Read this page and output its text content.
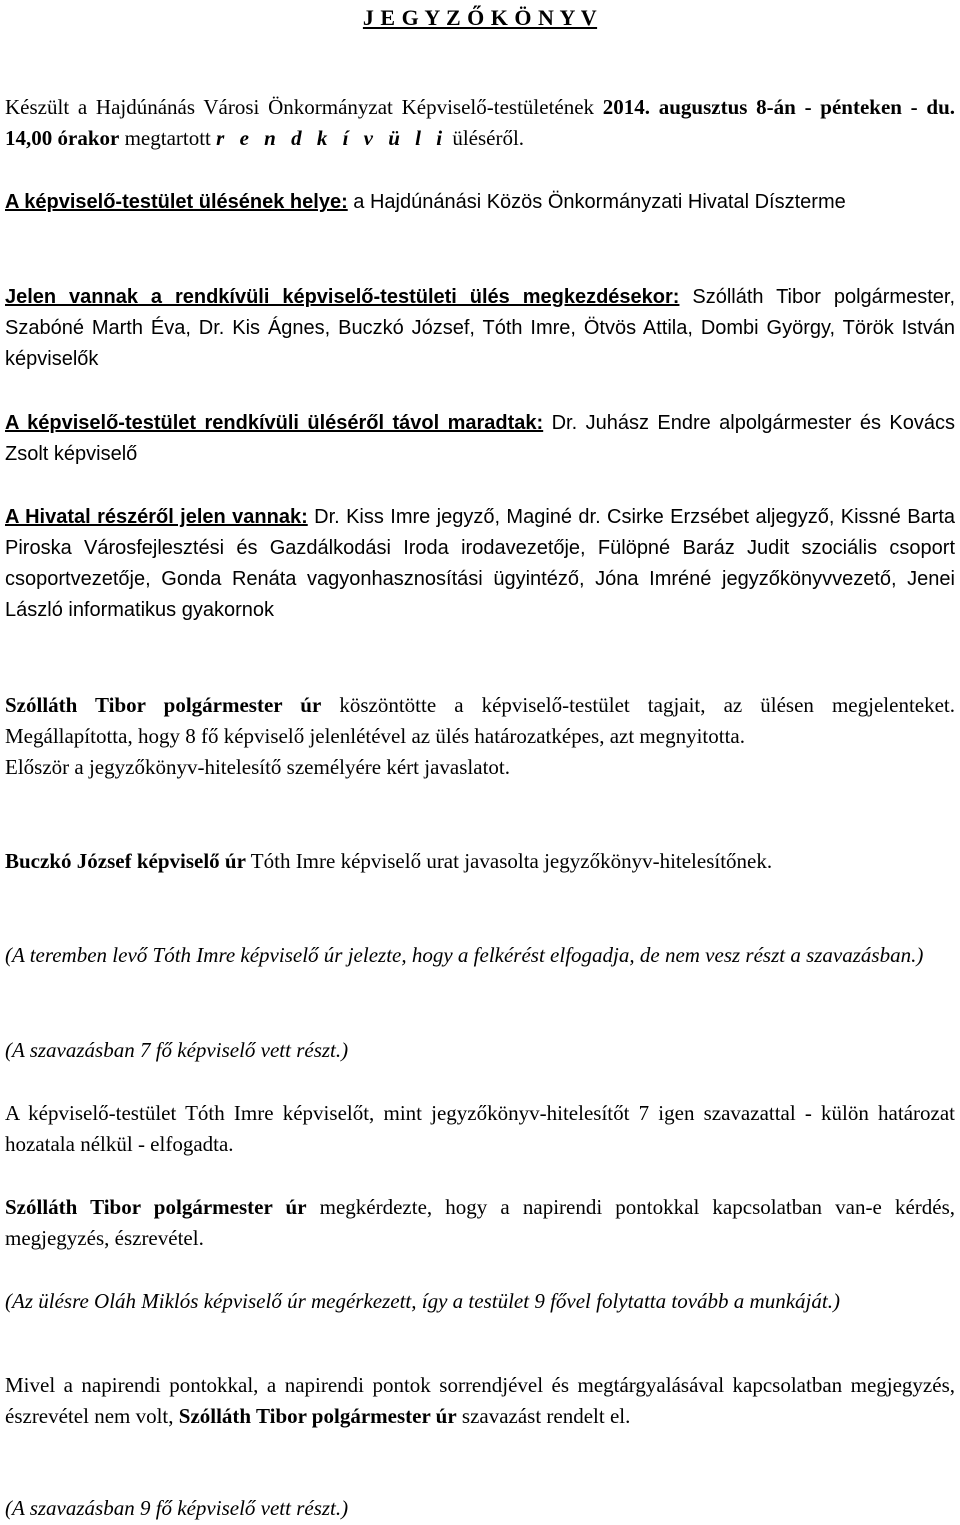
J E G Y Z Ő K Ö N Y V

Készült a Hajdúnánás Városi Önkormányzat Képviselő-testületének 2014. augusztus 8-án - pénteken - du. 14,00 órakor megtartott r e n d k í v ü l i üléséről.

A képviselő-testület ülésének helye: a Hajdúnánási Közös Önkormányzati Hivatal Díszterme

Jelen vannak a rendkívüli képviselő-testületi ülés megkezdésekor: Szólláth Tibor polgármester, Szabóné Marth Éva, Dr. Kis Ágnes, Buczkó József, Tóth Imre, Ötvös Attila, Dombi György, Török István képviselők

A képviselő-testület rendkívüli üléséről távol maradtak: Dr. Juhász Endre alpolgármester és Kovács Zsolt képviselő

A Hivatal részéről jelen vannak: Dr. Kiss Imre jegyző, Maginé dr. Csirke Erzsébet aljegyző, Kissné Barta Piroska Városfejlesztési és Gazdálkodási Iroda irodavezetője, Fülöpné Baráz Judit szociális csoport csoportvezetője, Gonda Renáta vagyonhasznosítási ügyintéző, Jóna Imréné jegyzőkönyvvezető, Jenei László informatikus gyakornok

Szólláth Tibor polgármester úr köszöntötte a képviselő-testület tagjait, az ülésen megjelenteket. Megállapította, hogy 8 fő képviselő jelenlétével az ülés határozatképes, azt megnyitotta.
Először a jegyzőkönyv-hitelesítő személyére kért javaslatot.

Buczkó József képviselő úr Tóth Imre képviselő urat javasolta jegyzőkönyv-hitelesítőnek.

(A teremben levő Tóth Imre képviselő úr jelezte, hogy a felkérést elfogadja, de nem vesz részt a szavazásban.)

(A szavazásban 7 fő képviselő vett részt.)

A képviselő-testület Tóth Imre képviselőt, mint jegyzőkönyv-hitelesítőt 7 igen szavazattal - külön határozat hozatala nélkül - elfogadta.

Szólláth Tibor polgármester úr megkérdezte, hogy a napirendi pontokkal kapcsolatban van-e kérdés, megjegyzés, észrevétel.

(Az ülésre Oláh Miklós képviselő úr megérkezett, így a testület 9 fővel folytatta tovább a munkáját.)

Mivel a napirendi pontokkal, a napirendi pontok sorrendjével és megtárgyalásával kapcsolatban megjegyzés, észrevétel nem volt, Szólláth Tibor polgármester úr szavazást rendelt el.

(A szavazásban 9 fő képviselő vett részt.)
